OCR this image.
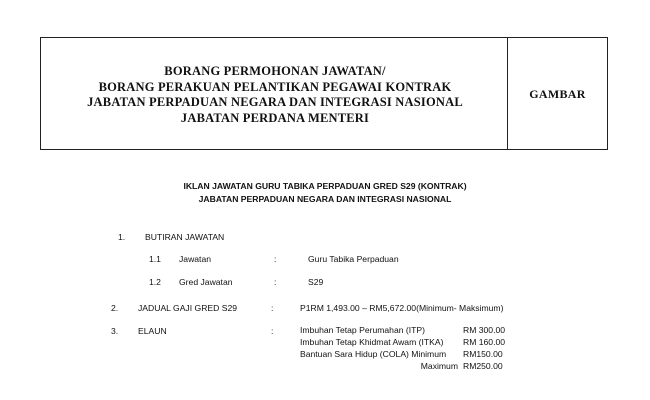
BORANG PERMOHONAN JAWATAN/
BORANG PERAKUAN PELANTIKAN PEGAWAI KONTRAK
JABATAN PERPADUAN NEGARA DAN INTEGRASI NASIONAL
JABATAN PERDANA MENTERI
GAMBAR
IKLAN JAWATAN GURU TABIKA PERPADUAN GRED S29 (KONTRAK)
JABATAN PERPADUAN NEGARA DAN INTEGRASI NASIONAL
1. BUTIRAN JAWATAN
1.1 Jawatan	:	Guru Tabika Perpaduan
1.2 Gred Jawatan	:	S29
2. JADUAL GAJI GRED S29	:	P1RM 1,493.00 – RM5,672.00(Minimum- Maksimum)
3. ELAUN	:	Imbuhan Tetap Perumahan (ITP)	RM 300.00
Imbuhan Tetap Khidmat Awam (ITKA) RM 160.00
Bantuan Sara Hidup (COLA) Minimum RM150.00
Maximum RM250.00
